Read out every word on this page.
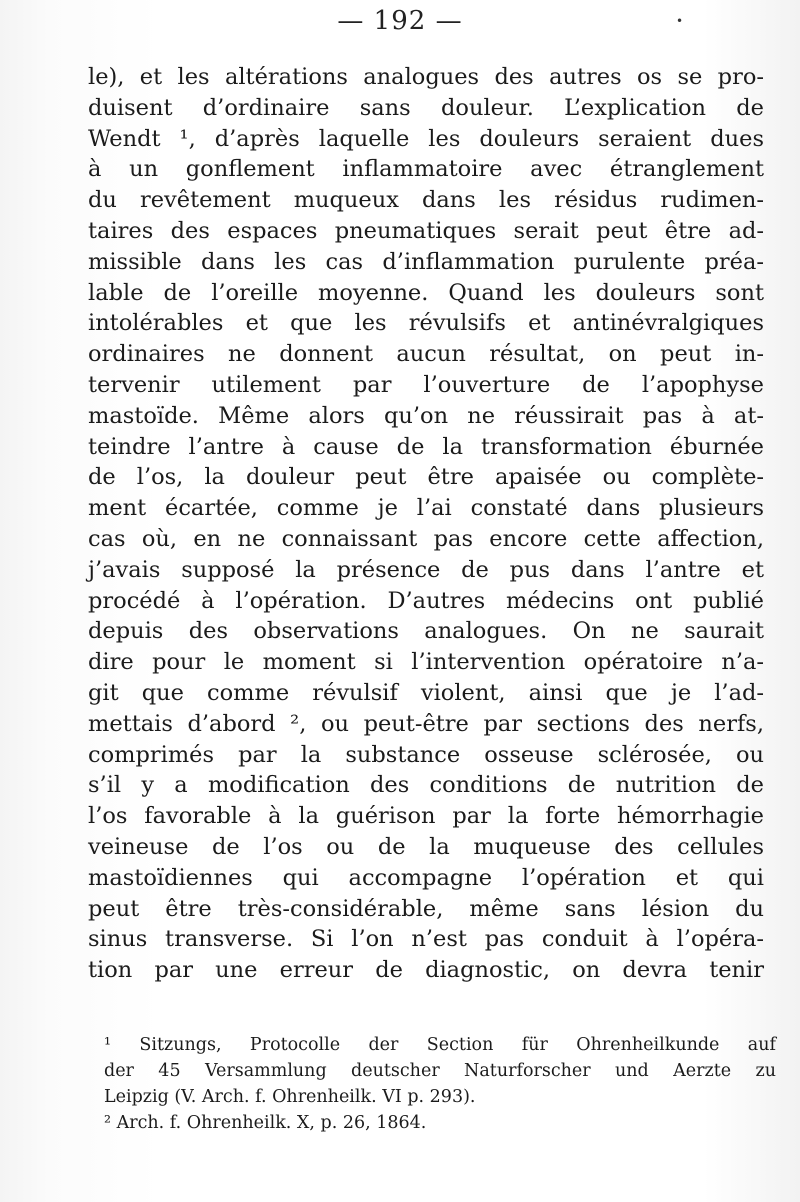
— 192 —	•
le), et les altérations analogues des autres os se pro-
duisent d’ordinaire sans douleur. L’explication de
Wendt ¹, d’après laquelle les douleurs seraient dues
à un gonflement inflammatoire avec étranglement
du revêtement muqueux dans les résidus rudimen-
taires des espaces pneumatiques serait peut être ad-
missible dans les cas d’inflammation purulente préa-
lable de l’oreille moyenne. Quand les douleurs sont
intolérables et que les révulsifs et antinévralgiques
ordinaires ne donnent aucun résultat, on peut in-
tervenir utilement par l’ouverture de l’apophyse
mastoïde. Même alors qu’on ne réussirait pas à at-
teindre l’antre à cause de la transformation éburnée
de l’os, la douleur peut être apaisée ou complète-
ment écartée, comme je l’ai constaté dans plusieurs
cas où, en ne connaissant pas encore cette affection,
j’avais supposé la présence de pus dans l’antre et
procédé à l’opération. D’autres médecins ont publié
depuis des observations analogues. On ne saurait
dire pour le moment si l’intervention opératoire n’a-
git que comme révulsif violent, ainsi que je l’ad-
mettais d’abord ², ou peut-être par sections des nerfs,
comprimés par la substance osseuse sclérosée, ou
s’il y a modification des conditions de nutrition de
l’os favorable à la guérison par la forte hémorrhagie
veineuse de l’os ou de la muqueuse des cellules
mastoïdiennes qui accompagne l’opération et qui
peut être très-considérable, même sans lésion du
sinus transverse. Si l’on n’est pas conduit à l’opéra-
tion par une erreur de diagnostic, on devra tenir
¹ Sitzungs, Protocolle der Section für Ohrenheilkunde auf
der 45 Versammlung deutscher Naturforscher und Aerzte zu
Leipzig (V. Arch. f. Ohrenheilk. VI p. 293).
² Arch. f. Ohrenheilk. X, p. 26, 1864.
